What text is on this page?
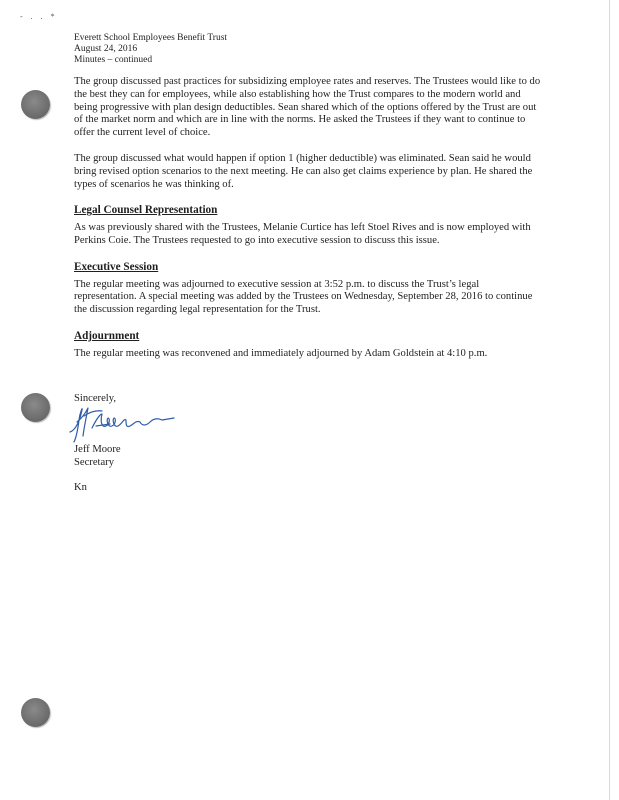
- . . *
Everett School Employees Benefit Trust
August 24, 2016
Minutes – continued

The group discussed past practices for subsidizing employee rates and reserves. The Trustees would like to do the best they can for employees, while also establishing how the Trust compares to the modern world and being progressive with plan design deductibles. Sean shared which of the options offered by the Trust are out of the market norm and which are in line with the norms. He asked the Trustees if they want to continue to offer the current level of choice.

The group discussed what would happen if option 1 (higher deductible) was eliminated. Sean said he would bring revised option scenarios to the next meeting. He can also get claims experience by plan. He shared the types of scenarios he was thinking of.

Legal Counsel Representation

As was previously shared with the Trustees, Melanie Curtice has left Stoel Rives and is now employed with Perkins Coie. The Trustees requested to go into executive session to discuss this issue.

Executive Session

The regular meeting was adjourned to executive session at 3:52 p.m. to discuss the Trust’s legal representation. A special meeting was added by the Trustees on Wednesday, September 28, 2016 to continue the discussion regarding legal representation for the Trust.

Adjournment

The regular meeting was reconvened and immediately adjourned by Adam Goldstein at 4:10 p.m.

Sincerely,
Jeff Moore
Secretary
Kn
